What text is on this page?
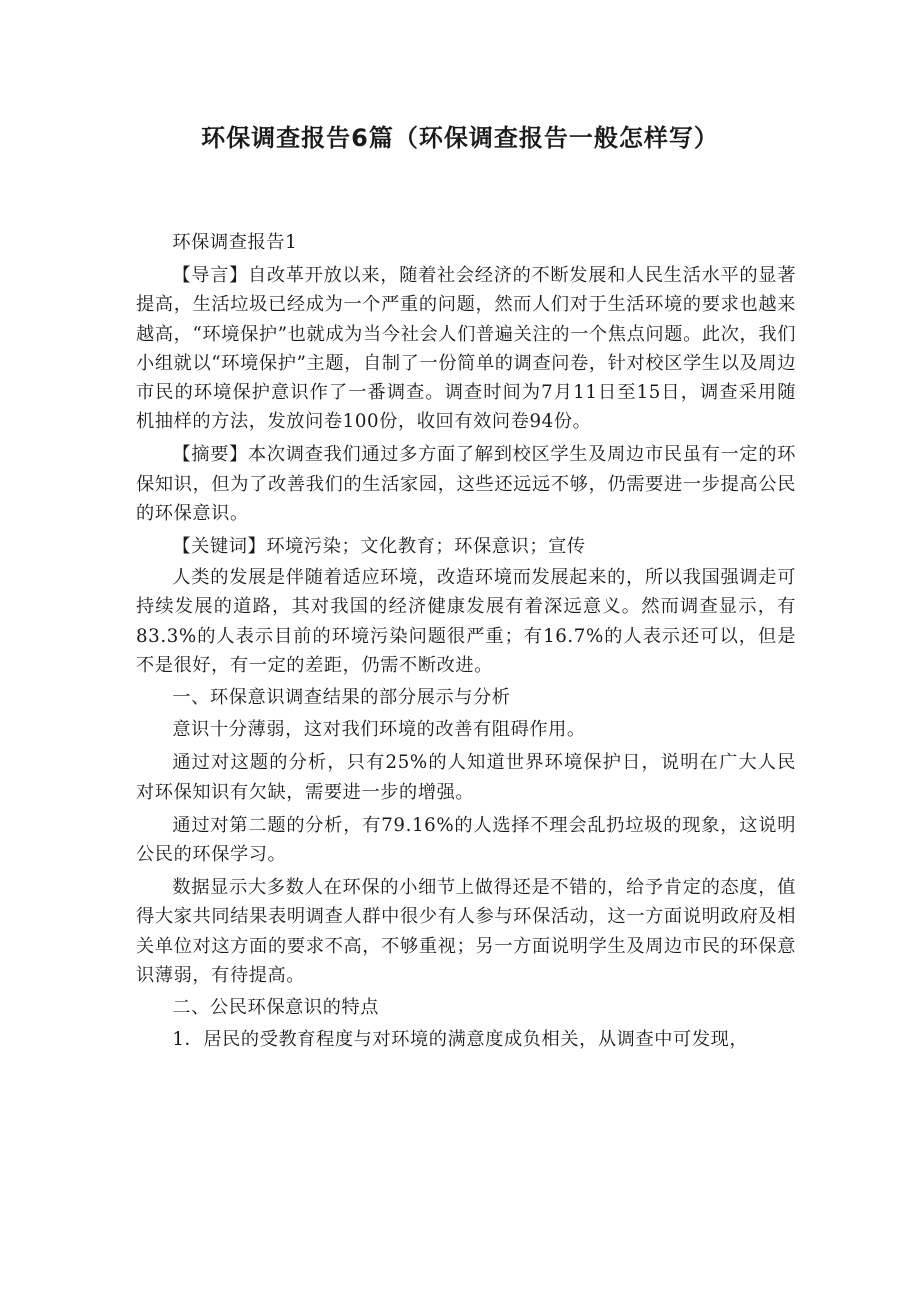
环保调查报告6篇（环保调查报告一般怎样写）

环保调查报告1

【导言】自改革开放以来，随着社会经济的不断发展和人民生活水平的显著提高，生活垃圾已经成为一个严重的问题，然而人们对于生活环境的要求也越来越高，“环境保护”也就成为当今社会人们普遍关注的一个焦点问题。此次，我们小组就以“环境保护”主题，自制了一份简单的调查问卷，针对校区学生以及周边市民的环境保护意识作了一番调查。调查时间为7月11日至15日，调查采用随机抽样的方法，发放问卷100份，收回有效问卷94份。

【摘要】本次调查我们通过多方面了解到校区学生及周边市民虽有一定的环保知识，但为了改善我们的生活家园，这些还远远不够，仍需要进一步提高公民的环保意识。

【关键词】环境污染；文化教育；环保意识；宣传

人类的发展是伴随着适应环境，改造环境而发展起来的，所以我国强调走可持续发展的道路，其对我国的经济健康发展有着深远意义。然而调查显示，有83.3%的人表示目前的环境污染问题很严重；有16.7%的人表示还可以，但是不是很好，有一定的差距，仍需不断改进。

一、环保意识调查结果的部分展示与分析

意识十分薄弱，这对我们环境的改善有阻碍作用。

通过对这题的分析，只有25%的人知道世界环境保护日，说明在广大人民对环保知识有欠缺，需要进一步的增强。

通过对第二题的分析，有79.16%的人选择不理会乱扔垃圾的现象，这说明公民的环保学习。

数据显示大多数人在环保的小细节上做得还是不错的，给予肯定的态度，值得大家共同结果表明调查人群中很少有人参与环保活动，这一方面说明政府及相关单位对这方面的要求不高，不够重视；另一方面说明学生及周边市民的环保意识薄弱，有待提高。

二、公民环保意识的特点

1．居民的受教育程度与对环境的满意度成负相关，从调查中可发现，
